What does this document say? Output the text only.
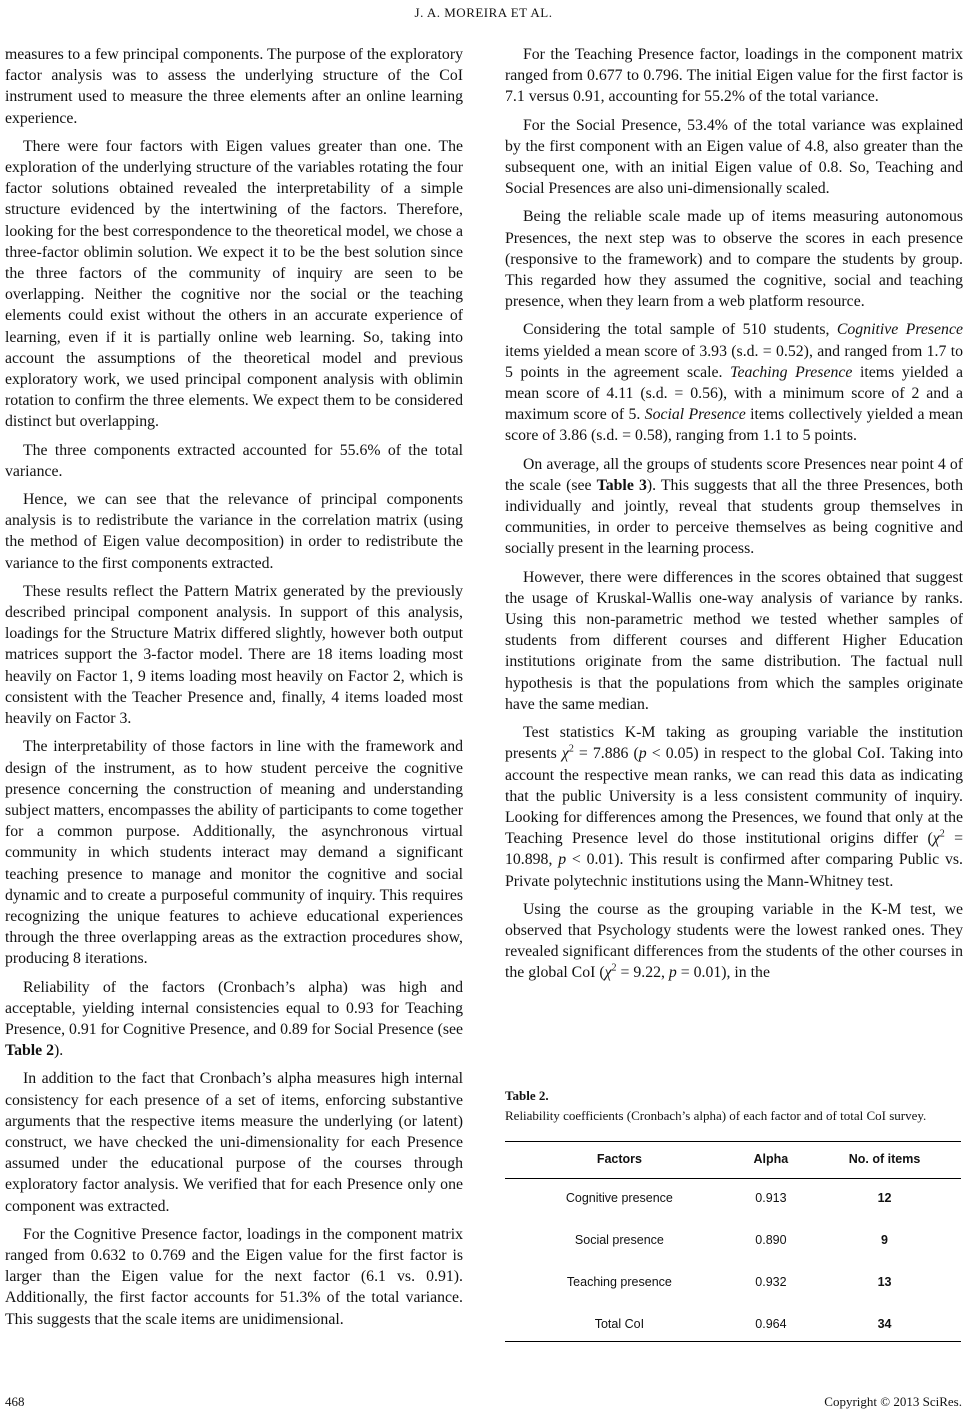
J. A. MOREIRA ET AL.

measures to a few principal components. The purpose of the exploratory factor analysis was to assess the underlying structure of the CoI instrument used to measure the three elements after an online learning experience.

There were four factors with Eigen values greater than one. The exploration of the underlying structure of the variables rotating the four factor solutions obtained revealed the interpretability of a simple structure evidenced by the intertwining of the factors. Therefore, looking for the best correspondence to the theoretical model, we chose a three-factor oblimin solution. We expect it to be the best solution since the three factors of the community of inquiry are seen to be overlapping. Neither the cognitive nor the social or the teaching elements could exist without the others in an accurate experience of learning, even if it is partially online web learning. So, taking into account the assumptions of the theoretical model and previous exploratory work, we used principal component analysis with oblimin rotation to confirm the three elements. We expect them to be considered distinct but overlapping.

The three components extracted accounted for 55.6% of the total variance.

Hence, we can see that the relevance of principal components analysis is to redistribute the variance in the correlation matrix (using the method of Eigen value decomposition) in order to redistribute the variance to the first components extracted.

These results reflect the Pattern Matrix generated by the previously described principal component analysis. In support of this analysis, loadings for the Structure Matrix differed slightly, however both output matrices support the 3-factor model. There are 18 items loading most heavily on Factor 1, 9 items loading most heavily on Factor 2, which is consistent with the Teacher Presence and, finally, 4 items loaded most heavily on Factor 3.

The interpretability of those factors in line with the framework and design of the instrument, as to how student perceive the cognitive presence concerning the construction of meaning and understanding subject matters, encompasses the ability of participants to come together for a common purpose. Additionally, the asynchronous virtual community in which students interact may demand a significant teaching presence to manage and monitor the cognitive and social dynamic and to create a purposeful community of inquiry. This requires recognizing the unique features to achieve educational experiences through the three overlapping areas as the extraction procedures show, producing 8 iterations.

Reliability of the factors (Cronbach’s alpha) was high and acceptable, yielding internal consistencies equal to 0.93 for Teaching Presence, 0.91 for Cognitive Presence, and 0.89 for Social Presence (see Table 2).

In addition to the fact that Cronbach’s alpha measures high internal consistency for each presence of a set of items, enforcing substantive arguments that the respective items measure the underlying (or latent) construct, we have checked the uni-dimensionality for each Presence assumed under the educational purpose of the courses through exploratory factor analysis. We verified that for each Presence only one component was extracted.

For the Cognitive Presence factor, loadings in the component matrix ranged from 0.632 to 0.769 and the Eigen value for the first factor is larger than the Eigen value for the next factor (6.1 vs. 0.91). Additionally, the first factor accounts for 51.3% of the total variance. This suggests that the scale items are unidimensional.

For the Teaching Presence factor, loadings in the component matrix ranged from 0.677 to 0.796. The initial Eigen value for the first factor is 7.1 versus 0.91, accounting for 55.2% of the total variance.

For the Social Presence, 53.4% of the total variance was explained by the first component with an Eigen value of 4.8, also greater than the subsequent one, with an initial Eigen value of 0.8. So, Teaching and Social Presences are also uni-dimensionally scaled.

Being the reliable scale made up of items measuring autonomous Presences, the next step was to observe the scores in each presence (responsive to the framework) and to compare the students by group. This regarded how they assumed the cognitive, social and teaching presence, when they learn from a web platform resource.

Considering the total sample of 510 students, Cognitive Presence items yielded a mean score of 3.93 (s.d. = 0.52), and ranged from 1.7 to 5 points in the agreement scale. Teaching Presence items yielded a mean score of 4.11 (s.d. = 0.56), with a minimum score of 2 and a maximum score of 5. Social Presence items collectively yielded a mean score of 3.86 (s.d. = 0.58), ranging from 1.1 to 5 points.

On average, all the groups of students score Presences near point 4 of the scale (see Table 3). This suggests that all the three Presences, both individually and jointly, reveal that students group themselves in communities, in order to perceive themselves as being cognitive and socially present in the learning process.

However, there were differences in the scores obtained that suggest the usage of Kruskal-Wallis one-way analysis of variance by ranks. Using this non-parametric method we tested whether samples of students from different courses and different Higher Education institutions originate from the same distribution. The factual null hypothesis is that the populations from which the samples originate have the same median.

Test statistics K-M taking as grouping variable the institution presents $\chi^2 = 7.886$ (p < 0.05) in respect to the global CoI. Taking into account the respective mean ranks, we can read this data as indicating that the public University is a less consistent community of inquiry. Looking for differences among the Presences, we found that only at the Teaching Presence level do those institutional origins differ ($\chi^2 = 10.898$, p < 0.01). This result is confirmed after comparing Public vs. Private polytechnic institutions using the Mann-Whitney test.

Using the course as the grouping variable in the K-M test, we observed that Psychology students were the lowest ranked ones. They revealed significant differences from the students of the other courses in the global CoI ($\chi^2 = 9.22$, p = 0.01), in the

Table 2.
Reliability coefficients (Cronbach’s alpha) of each factor and of total CoI survey.
Factors	Alpha	No. of items
Cognitive presence	0.913	12
Social presence	0.890	9
Teaching presence	0.932	13
Total CoI	0.964	34
468	Copyright © 2013 SciRes.
